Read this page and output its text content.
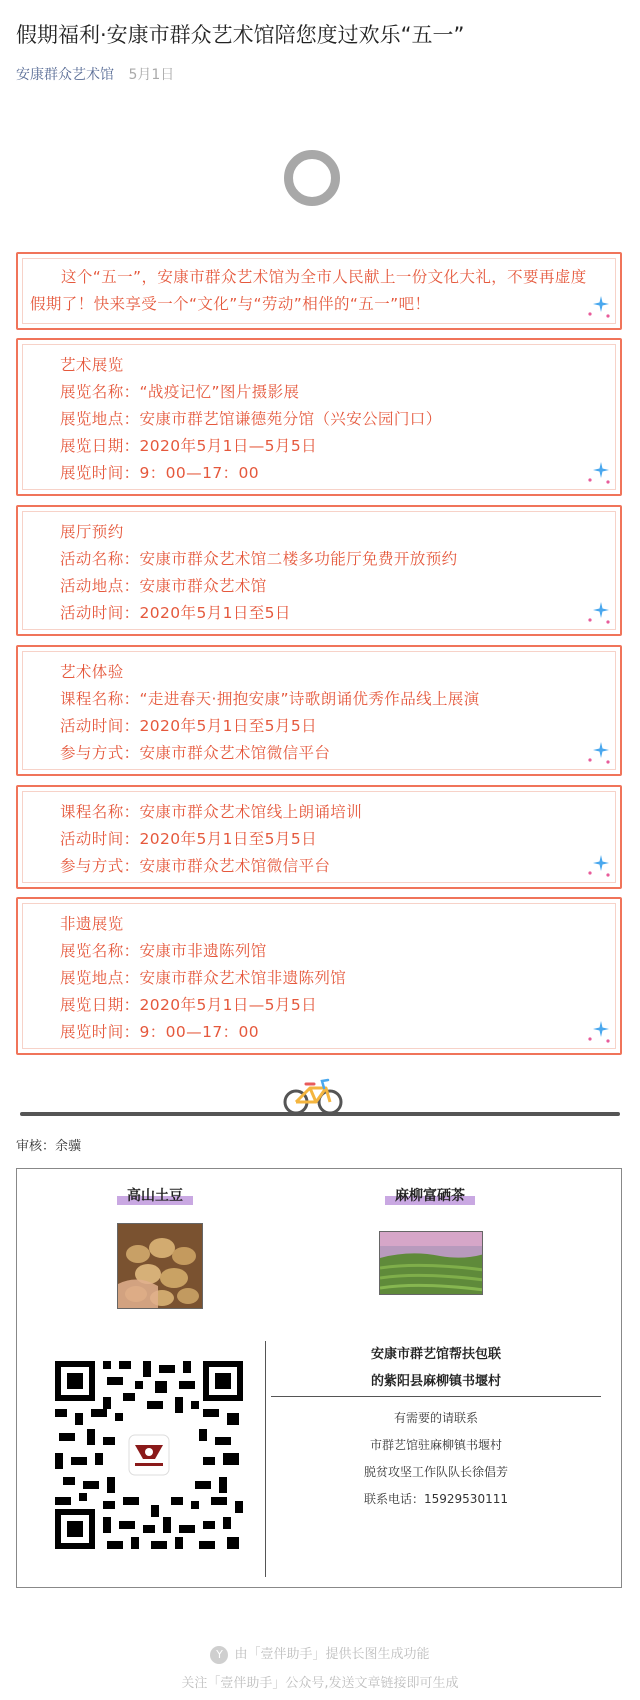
假期福利·安康市群众艺术馆陪您度过欢乐“五一”
安康群众艺术馆 5月1日
这个“五一”，安康市群众艺术馆为全市人民献上一份文化大礼，不要再虚度假期了！快来享受一个“文化”与“劳动”相伴的“五一”吧！
艺术展览
展览名称：“战疫记忆”图片摄影展
展览地点：安康市群艺馆谦德苑分馆（兴安公园门口）
展览日期：2020年5月1日—5月5日
展览时间：9：00—17：00
展厅预约
活动名称：安康市群众艺术馆二楼多功能厅免费开放预约
活动地点：安康市群众艺术馆
活动时间：2020年5月1日至5日
艺术体验
课程名称：“走进春天·拥抱安康”诗歌朗诵优秀作品线上展演
活动时间：2020年5月1日至5月5日
参与方式：安康市群众艺术馆微信平台
课程名称：安康市群众艺术馆线上朗诵培训
活动时间：2020年5月1日至5月5日
参与方式：安康市群众艺术馆微信平台
非遗展览
展览名称：安康市非遗陈列馆
展览地点：安康市群众艺术馆非遗陈列馆
展览日期：2020年5月1日—5月5日
展览时间：9：00—17：00
审核：余骥
高山土豆	麻柳富硒茶
安康市群艺馆帮扶包联
的紫阳县麻柳镇书堰村
有需要的请联系
市群艺馆驻麻柳镇书堰村
脱贫攻坚工作队队长徐倡芳
联系电话：15929530111
Y 由「壹伴助手」提供长图生成功能
关注「壹伴助手」公众号,发送文章链接即可生成
